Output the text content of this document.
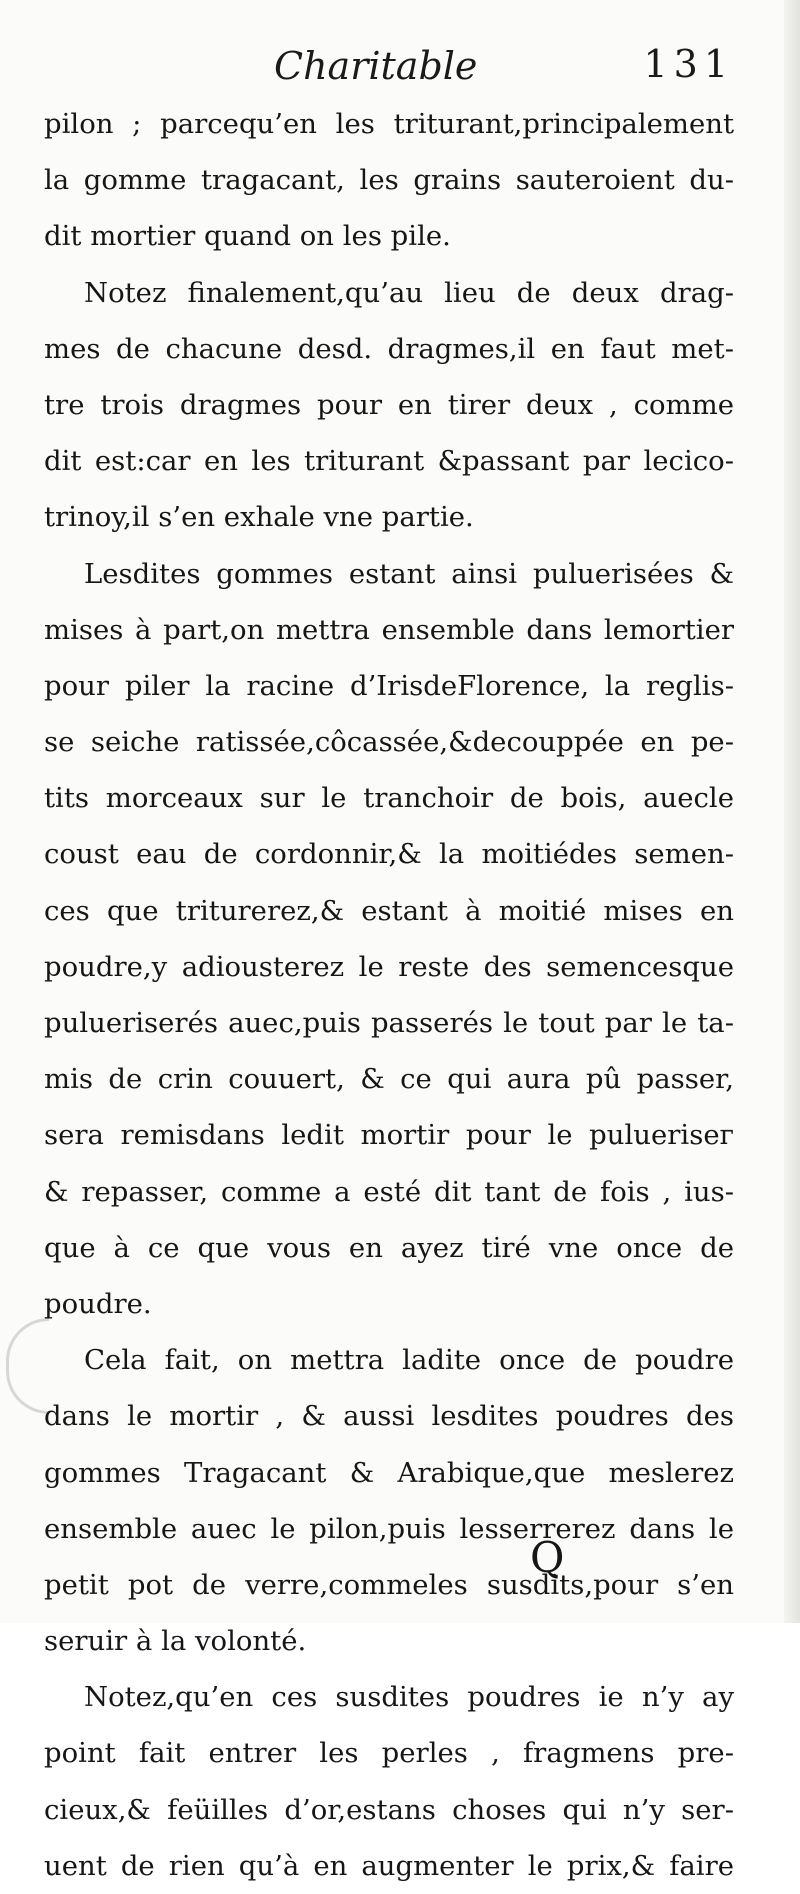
Charitable	131
pilon ; parcequ’en les triturant,principalement
la gomme tragacant, les grains sauteroient du-
dit mortier quand on les pile.
Notez finalement,qu’au lieu de deux drag-
mes de chacune desd. dragmes,il en faut met-
tre trois dragmes pour en tirer deux , comme
dit est:car en les triturant &passant par lecico-
trinoy,il s’en exhale vne partie.
Lesdites gommes estant ainsi puluerisées &
mises à part,on mettra ensemble dans lemortier
pour piler la racine d’IrisdeFlorence, la reglis-
se seiche ratissée,côcassée,&decouppée en pe-
tits morceaux sur le tranchoir de bois, auecle
coust eau de cordonnir,& la moitiédes semen-
ces que triturerez,& estant à moitié mises en
poudre,y adiousterez le reste des semencesque
pulueriserés auec,puis passerés le tout par le ta-
mis de crin couuert, & ce qui aura pû passer,
sera remisdans ledit mortir pour le puluerisег
& repasser, comme a esté dit tant de fois , ius-
que à ce que vous en ayez tiré vne once de
poudre.
Cela fait, on mettra ladite once de poudre
dans le mortir , & aussi lesdites poudres des
gommes Tragacant & Arabique,que meslerez
ensemble auec le pilon,puis lesserrerez dans le
petit pot de verre,commeles susdits,pour s’en
seruir à la volonté.
Notez,qu’en ces susdites poudres ie n’y ay
point fait entrer les perles , fragmens pre-
cieux,& feüilles d’or,estans choses qui n’y ser-
uent de rien qu’à en augmenter le prix,& faire
Q
